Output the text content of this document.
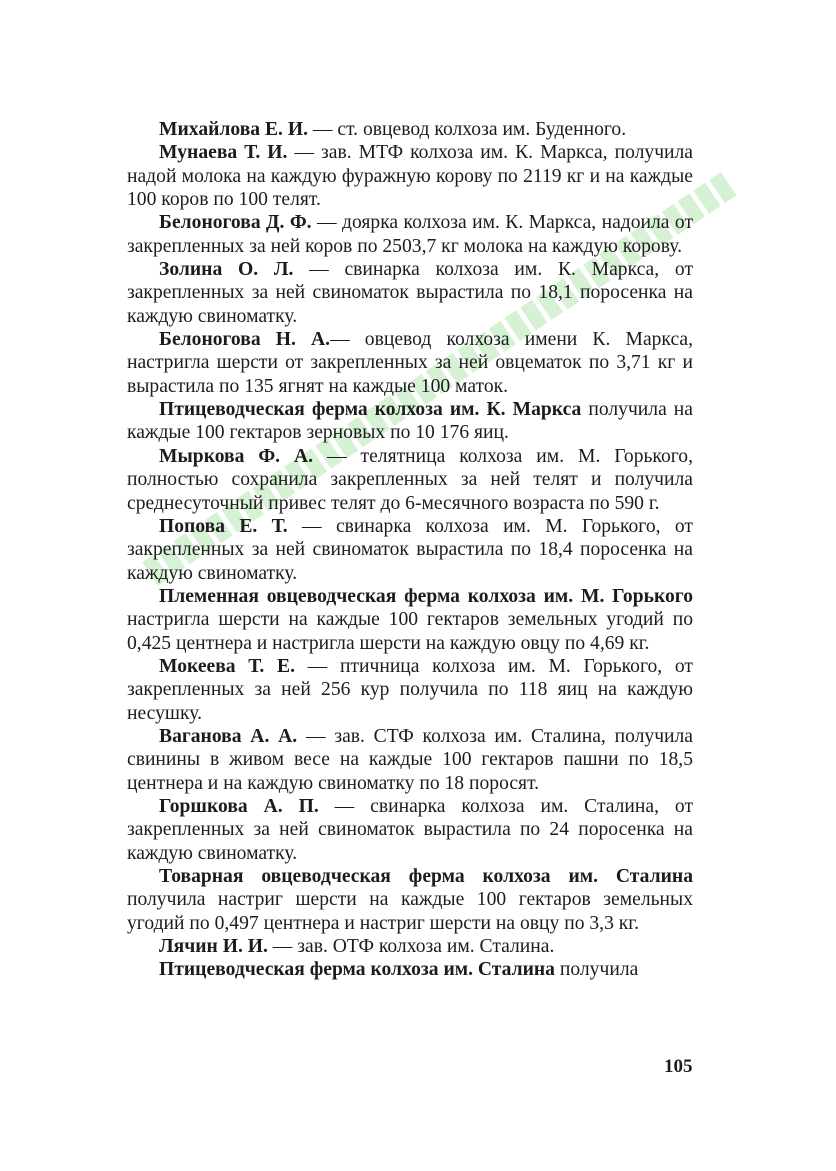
Михайлова Е. И. — ст. овцевод колхоза им. Буденного.

Мунаева Т. И. — зав. МТФ колхоза им. К. Маркса, получила надой молока на каждую фуражную корову по 2119 кг и на каждые 100 коров по 100 телят.

Белоногова Д. Ф. — доярка колхоза им. К. Маркса, надоила от закрепленных за ней коров по 2503,7 кг молока на каждую корову.

Золина О. Л. — свинарка колхоза им. К. Маркса, от закрепленных за ней свиноматок вырастила по 18,1 поросенка на каждую свиноматку.

Белоногова Н. А.— овцевод колхоза имени К. Маркса, настригла шерсти от закрепленных за ней овцематок по 3,71 кг и вырастила по 135 ягнят на каждые 100 маток.

Птицеводческая ферма колхоза им. К. Маркса получила на каждые 100 гектаров зерновых по 10 176 яиц.

Мыркова Ф. А. — телятница колхоза им. М. Горького, полностью сохранила закрепленных за ней телят и получила среднесуточный привес телят до 6-месячного возраста по 590 г.

Попова Е. Т. — свинарка колхоза им. М. Горького, от закрепленных за ней свиноматок вырастила по 18,4 поросенка на каждую свиноматку.

Племенная овцеводческая ферма колхоза им. М. Горького настригла шерсти на каждые 100 гектаров земельных угодий по 0,425 центнера и настригла шерсти на каждую овцу по 4,69 кг.

Мокеева Т. Е. — птичница колхоза им. М. Горького, от закрепленных за ней 256 кур получила по 118 яиц на каждую несушку.

Ваганова А. А. — зав. СТФ колхоза им. Сталина, получила свинины в живом весе на каждые 100 гектаров пашни по 18,5 центнера и на каждую свиноматку по 18 поросят.

Горшкова А. П. — свинарка колхоза им. Сталина, от закрепленных за ней свиноматок вырастила по 24 поросенка на каждую свиноматку.

Товарная овцеводческая ферма колхоза им. Сталина получила настриг шерсти на каждые 100 гектаров земельных угодий по 0,497 центнера и настриг шерсти на овцу по 3,3 кг.

Лячин И. И. — зав. ОТФ колхоза им. Сталина.

Птицеводческая ферма колхоза им. Сталина получила

105
